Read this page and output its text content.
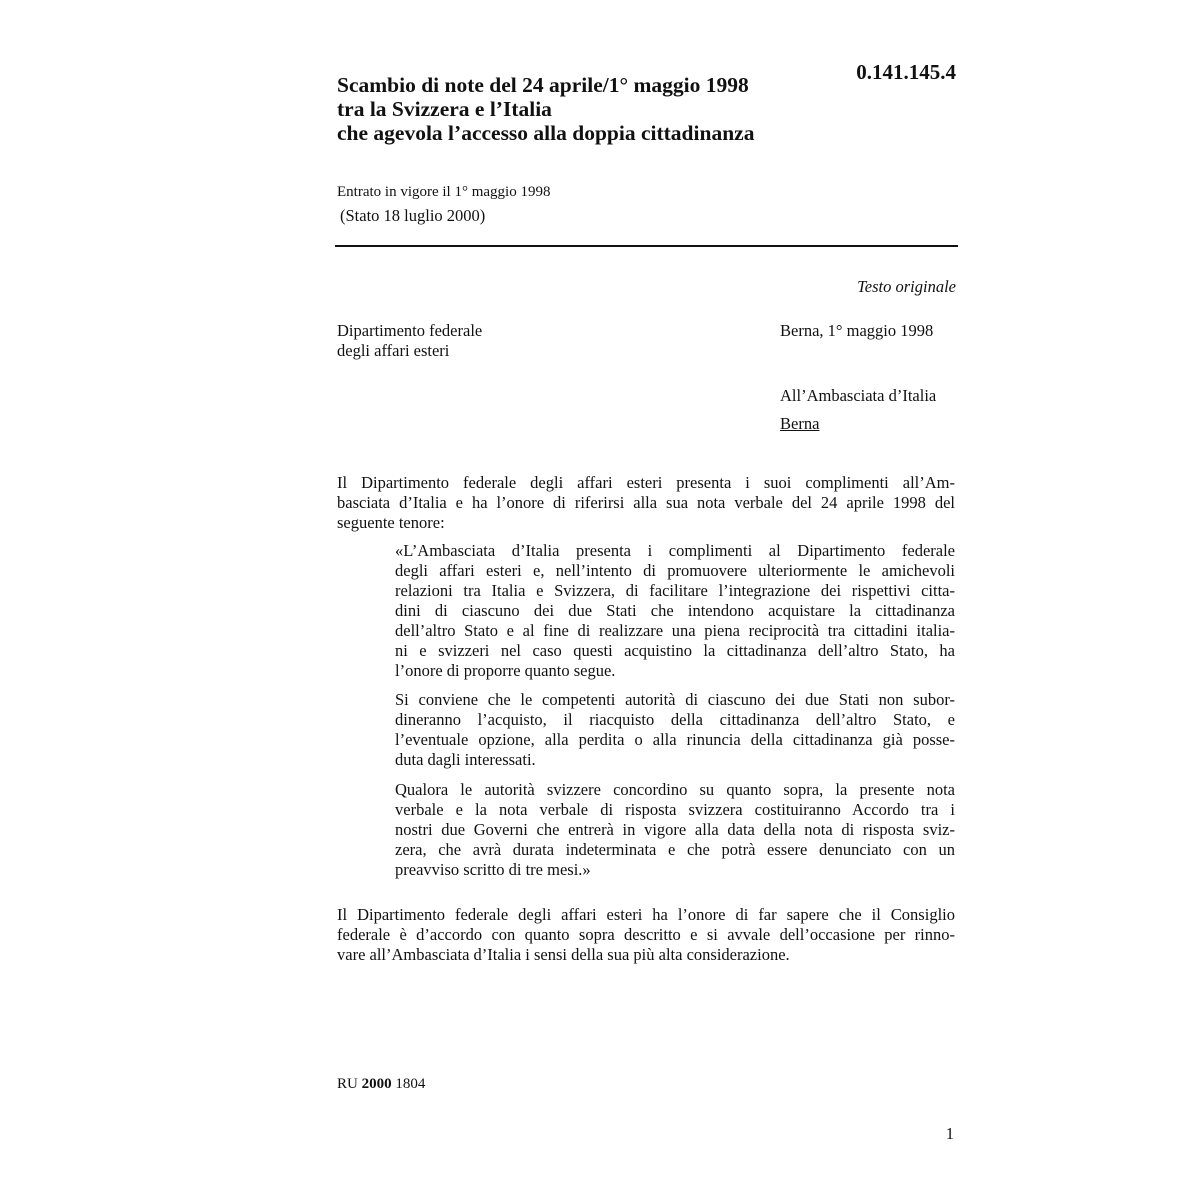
0.141.145.4
Scambio di note del 24 aprile/1° maggio 1998
tra la Svizzera e l’Italia
che agevola l’accesso alla doppia cittadinanza
Entrato in vigore il 1° maggio 1998
(Stato 18 luglio 2000)
Testo originale
Dipartimento federale
degli affari esteri
Berna, 1° maggio 1998
All’Ambasciata d’Italia
Berna
Il Dipartimento federale degli affari esteri presenta i suoi complimenti all’Am-
basciata d’Italia e ha l’onore di riferirsi alla sua nota verbale del 24 aprile 1998 del
seguente tenore:
«L’Ambasciata d’Italia presenta i complimenti al Dipartimento federale
degli affari esteri e, nell’intento di promuovere ulteriormente le amichevoli
relazioni tra Italia e Svizzera, di facilitare l’integrazione dei rispettivi citta-
dini di ciascuno dei due Stati che intendono acquistare la cittadinanza
dell’altro Stato e al fine di realizzare una piena reciprocità tra cittadini italia-
ni e svizzeri nel caso questi acquistino la cittadinanza dell’altro Stato, ha
l’onore di proporre quanto segue.
Si conviene che le competenti autorità di ciascuno dei due Stati non subor-
dineranno l’acquisto, il riacquisto della cittadinanza dell’altro Stato, e
l’eventuale opzione, alla perdita o alla rinuncia della cittadinanza già posse-
duta dagli interessati.
Qualora le autorità svizzere concordino su quanto sopra, la presente nota
verbale e la nota verbale di risposta svizzera costituiranno Accordo tra i
nostri due Governi che entrerà in vigore alla data della nota di risposta sviz-
zera, che avrà durata indeterminata e che potrà essere denunciato con un
preavviso scritto di tre mesi.»
Il Dipartimento federale degli affari esteri ha l’onore di far sapere che il Consiglio
federale è d’accordo con quanto sopra descritto e si avvale dell’occasione per rinno-
vare all’Ambasciata d’Italia i sensi della sua più alta considerazione.
RU 2000 1804
1
